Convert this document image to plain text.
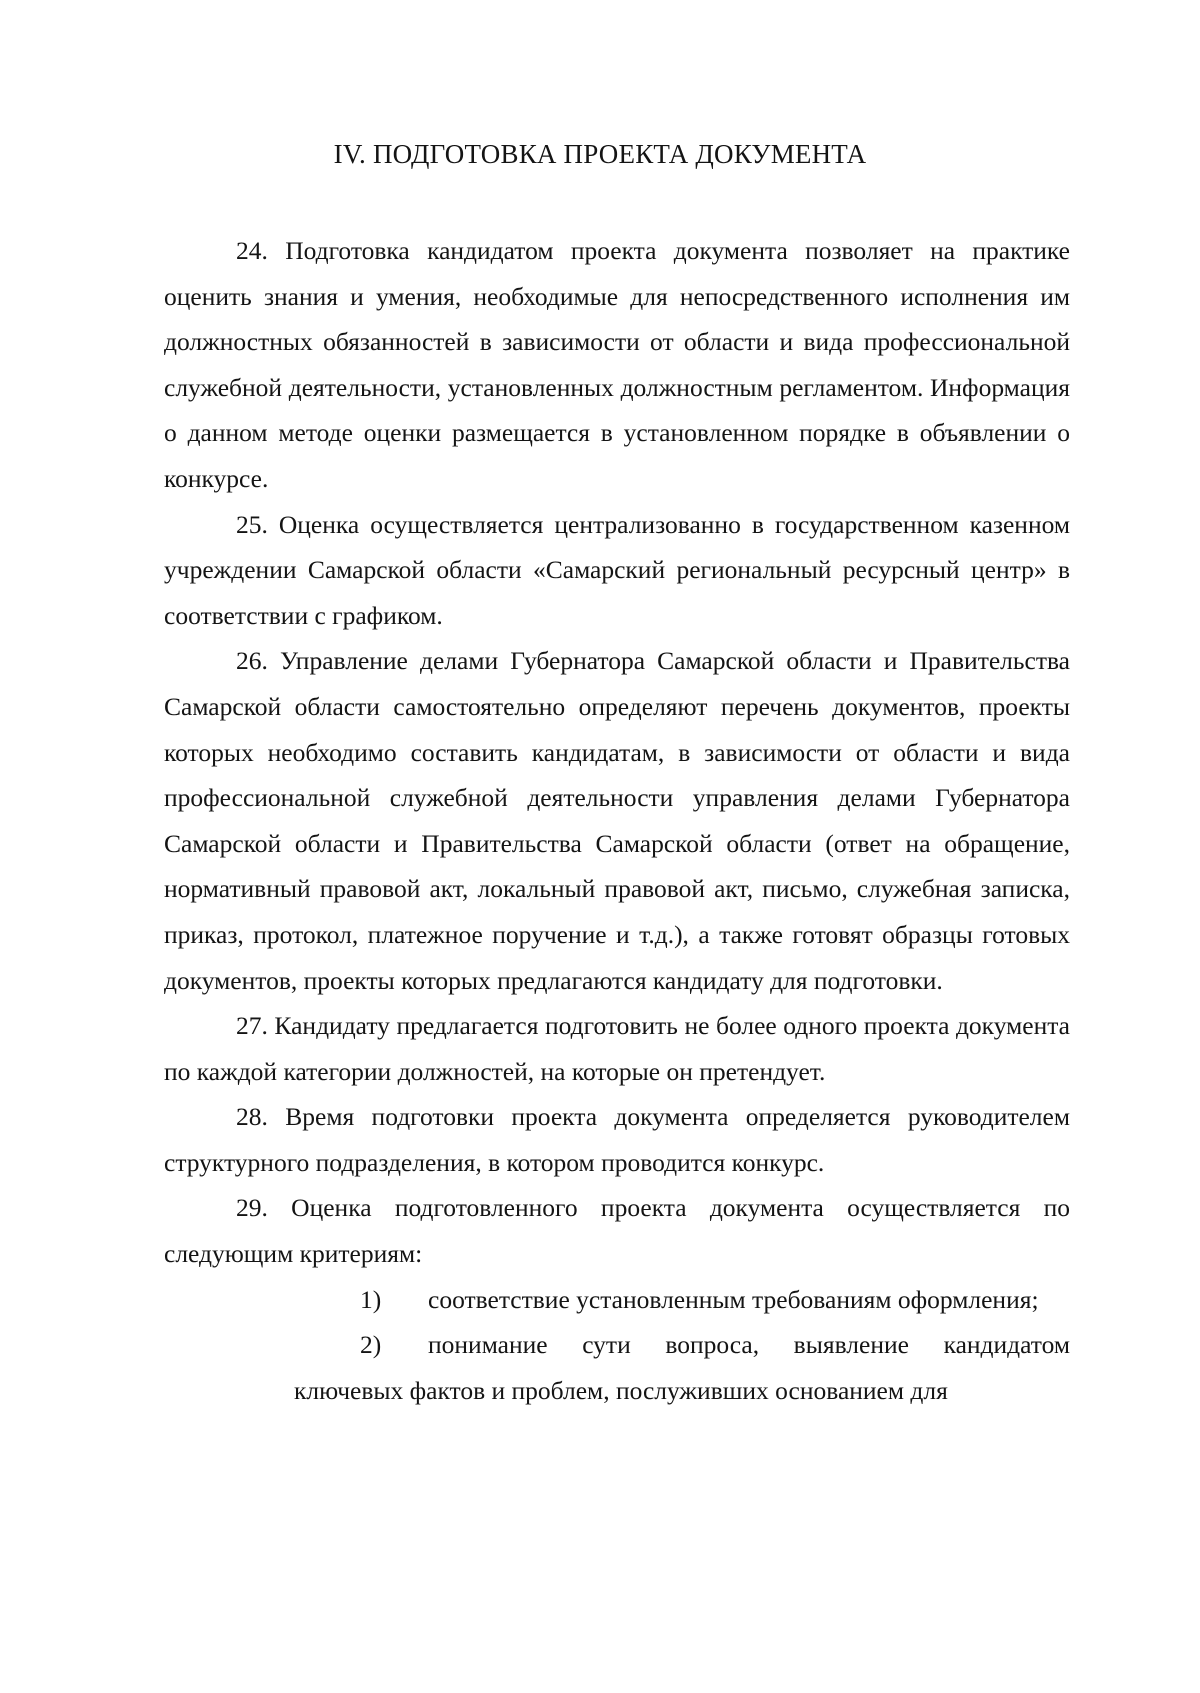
IV. ПОДГОТОВКА ПРОЕКТА ДОКУМЕНТА

24. Подготовка кандидатом проекта документа позволяет на практике оценить знания и умения, необходимые для непосредственного исполнения им должностных обязанностей в зависимости от области и вида профессиональной служебной деятельности, установленных должностным регламентом. Информация о данном методе оценки размещается в установленном порядке в объявлении о конкурсе.

25. Оценка осуществляется централизованно в государственном казенном учреждении Самарской области «Самарский региональный ресурсный центр» в соответствии с графиком.

26. Управление делами Губернатора Самарской области и Правительства Самарской области самостоятельно определяют перечень документов, проекты которых необходимо составить кандидатам, в зависимости от области и вида профессиональной служебной деятельности управления делами Губернатора Самарской области и Правительства Самарской области (ответ на обращение, нормативный правовой акт, локальный правовой акт, письмо, служебная записка, приказ, протокол, платежное поручение и т.д.), а также готовят образцы готовых документов, проекты которых предлагаются кандидату для подготовки.

27. Кандидату предлагается подготовить не более одного проекта документа по каждой категории должностей, на которые он претендует.

28. Время подготовки проекта документа определяется руководителем структурного подразделения, в котором проводится конкурс.

29. Оценка подготовленного проекта документа осуществляется по следующим критериям:

1) соответствие установленным требованиям оформления;
2) понимание сути вопроса, выявление кандидатом ключевых фактов и проблем, послуживших основанием для
